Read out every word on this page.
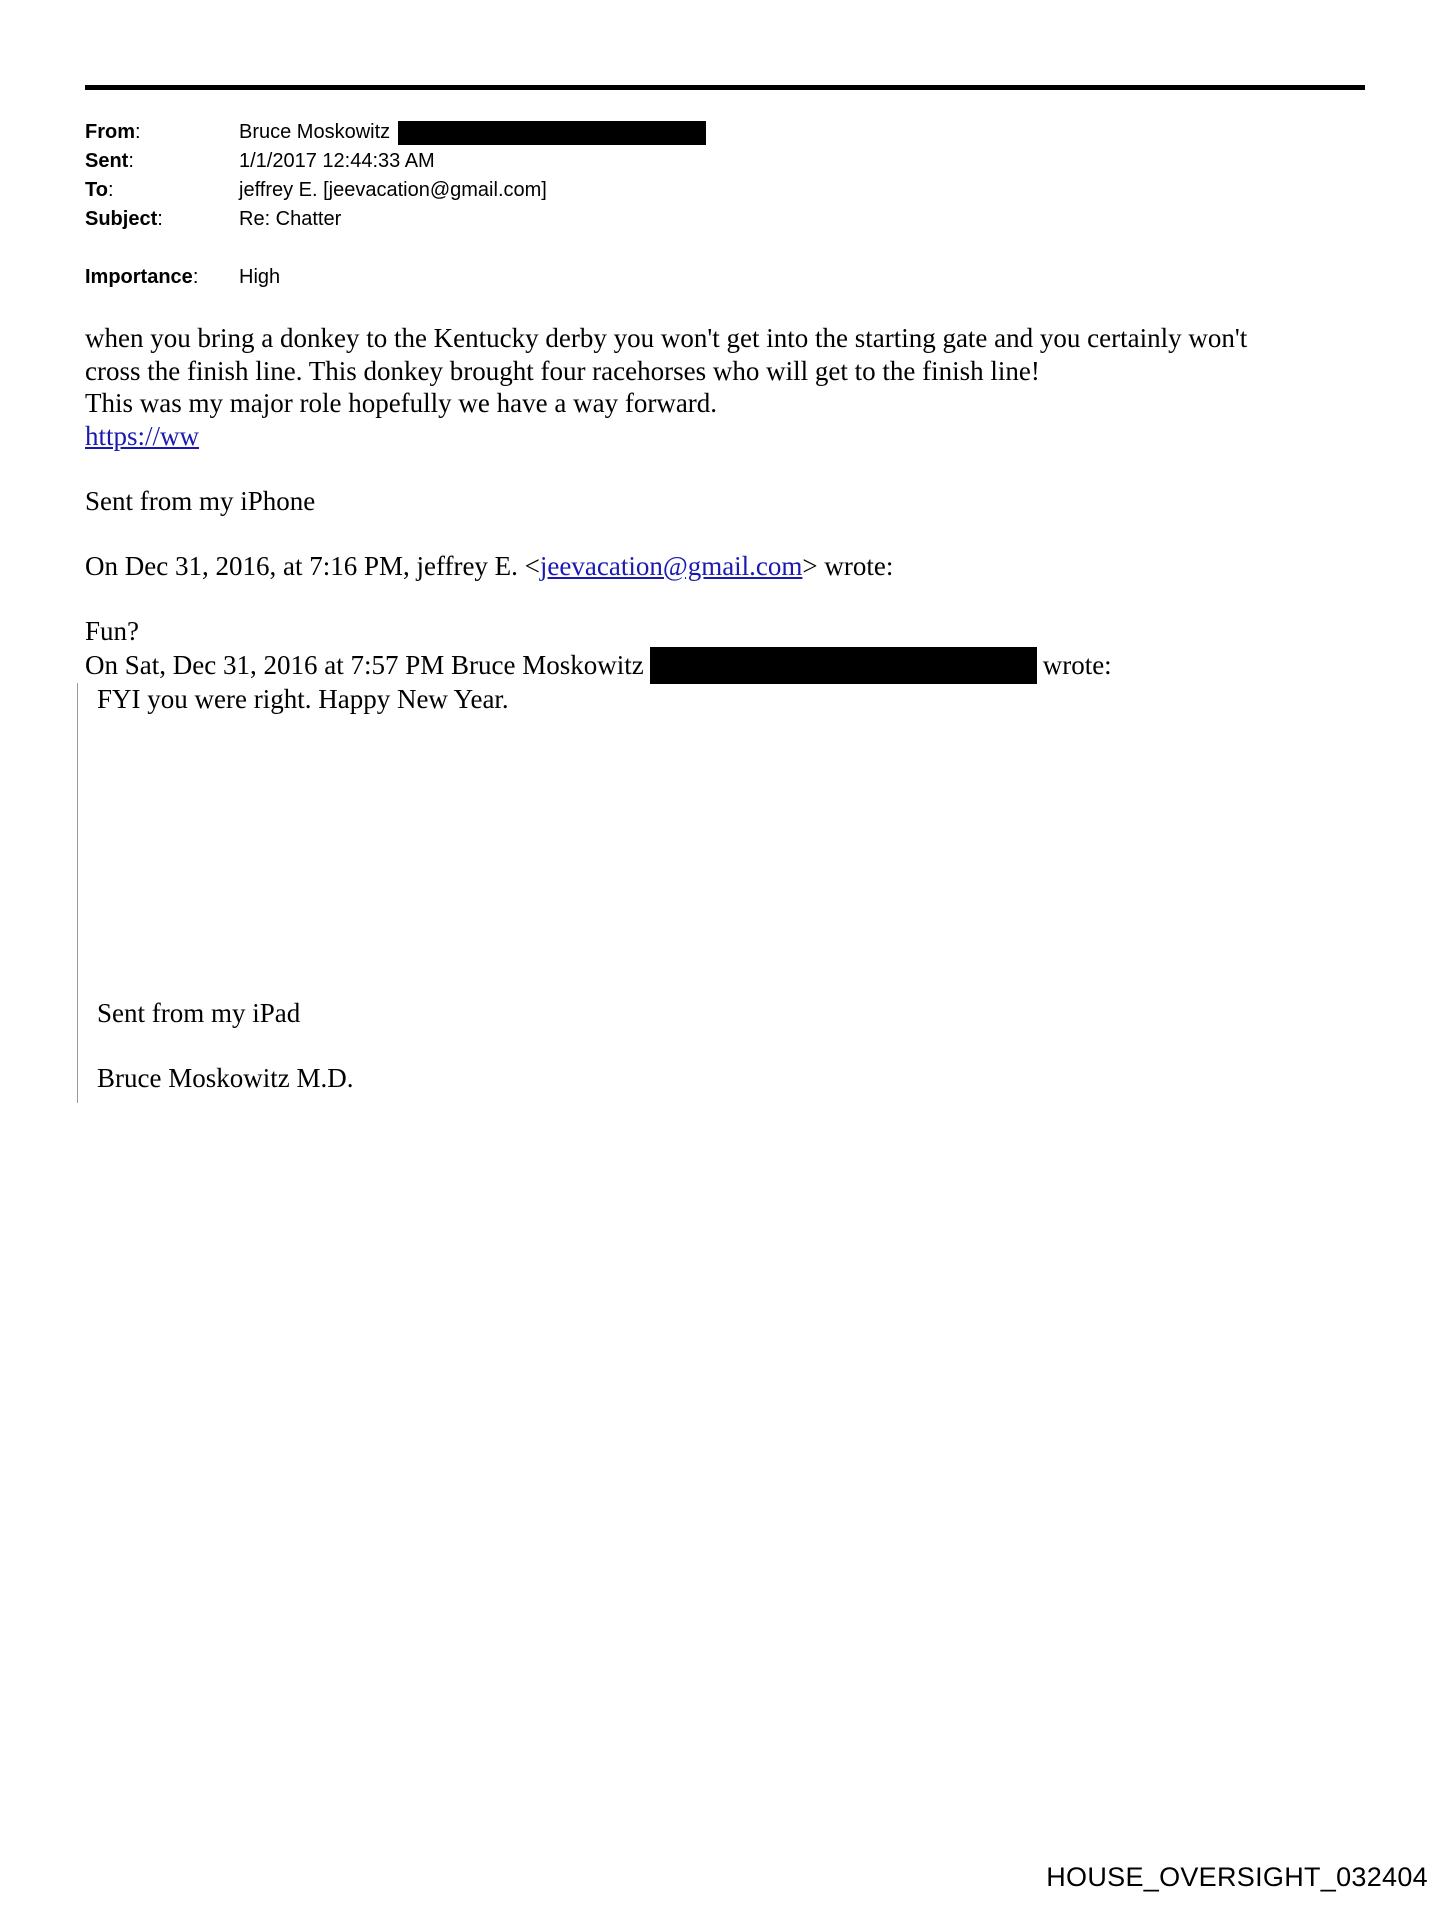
From:	Bruce Moskowitz
Sent:	1/1/2017 12:44:33 AM
To:	jeffrey E. [jeevacation@gmail.com]
Subject:	Re: Chatter
Importance:	High

when you bring a donkey to the Kentucky derby you won't get into the starting gate and you certainly won't

cross the finish line. This donkey brought four racehorses who will get to the finish line!

This was my major role hopefully we have a way forward.

https://ww

Sent from my iPhone

On Dec 31, 2016, at 7:16 PM, jeffrey E. <jeevacation@gmail.com> wrote:

Fun?

On Sat, Dec 31, 2016 at 7:57 PM Bruce Moskowitz	wrote:

FYI you were right. Happy New Year.

Sent from my iPad

Bruce Moskowitz M.D.

HOUSE_OVERSIGHT_032404
